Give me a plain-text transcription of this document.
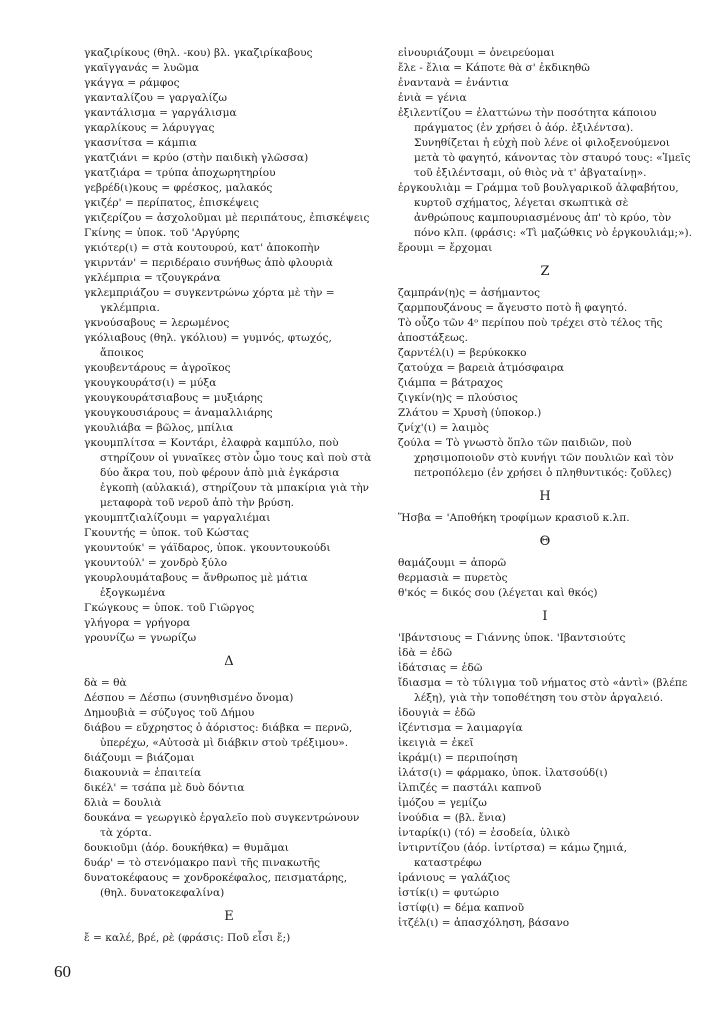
γκαζιρίκους (θηλ. -κου) βλ. γκαζιρίκαβους
γκαϊγγανάς = λυῶμα
γκάγγα = ράμφος
γκανταλίζου = γαργαλίζω
γκαντάλισμα = γαργάλισμα
γκαρλίκους = λάρυγγας
γκασνίτσα = κάμπια
γκατζιάνι = κρύο (στὴν παιδικὴ γλῶσσα)
γκατζιάρα = τρύπα ἀποχωρητηρίου
γεβρέδ(ι)κους = φρέσκος, μαλακός
γκιζέρ' = περίπατος, ἐπισκέψεις
γκιζερίζου = ἀσχολοῦμαι μὲ περιπάτους, ἐπισκέψεις
Γκίνης = ὑποκ. τοῦ 'Αργύρης
γκιότερ(ι) = στὰ κουτουρού, κατ' ἀποκοπὴν
γκιρντάν' = περιδέραιο συνήθως ἀπὸ φλουριὰ
γκλέμπρια = τζουγκράνα
γκλεμπριάζου = συγκεντρώνω χόρτα μὲ τὴν = γκλέμπρια.
γκνούσαβους = λερωμένος
γκόλιαβους (θηλ. γκόλιου) = γυμνός, φτωχός, ἄποικος
γκουβεντάρους = ἀγροῖκος
γκουγκουράτσ(ι) = μύξα
γκουγκουράτσιαβους = μυξιάρης
γκουγκουσιάρους = ἀναμαλλιάρης
γκουλιάβα = βῶλος, μπίλια
γκουμπλίτσα = Κοντάρι, ἐλαφρὰ καμπύλο, ποὺ στηρίζουν οἱ γυναῖκες στὸν ὦμο τους καὶ ποὺ στὰ δύο ἄκρα του, ποὺ φέρουν ἀπὸ μιὰ ἐγκάρσια ἐγκοπὴ (αὐλακιά), στηρίζουν τὰ μπακίρια γιὰ τὴν μεταφορὰ τοῦ νεροῦ ἀπὸ τὴν βρύση.
γκουμπτζιαλίζουμι = γαργαλιέμαι
Γκουντής = ὑποκ. τοῦ Κώστας
γκουντούκ' = γάϊδαρος, ὑποκ. γκουντουκούδι
γκουντούλ' = χονδρὸ ξύλο
γκουρλουμάταβους = ἄνθρωπος μὲ μάτια ἐξογκωμένα
Γκώγκους = ὑποκ. τοῦ Γιῶργος
γλήγορα = γρήγορα
γρουνίζω = γνωρίζω
Δ
δὰ = θὰ
Δέσπου = Δέσπω (συνηθισμένο ὄνομα)
Δημουβιὰ = σύζυγος τοῦ Δήμου
διάβου = εὔχρηστος ὁ ἀόριστος: διάβκα = περνῶ, ὑπερέχω, «Αὐτοσὰ μὶ διάβκιν στοὺ τρέξιμου».
διάζουμι = βιάζομαι
διακουνιὰ = ἐπαιτεία
δικέλ' = τσάπα μὲ δυὸ δόντια
δλιὰ = δουλιὰ
δουκάνα = γεωργικὸ ἐργαλεῖο ποὺ συγκεντρώνουν τὰ χόρτα.
δουκιοῦμι (ἀόρ. δουκήθκα) = θυμᾶμαι
δυάρ' = τὸ στενόμακρο πανὶ τῆς πινακωτῆς
δυνατοκέφαους = χονδροκέφαλος, πεισματάρης, (θηλ. δυνατοκεφαλίνα)
Ε
ἔ = καλέ, βρέ, ρὲ (φράσις: Ποῦ εἶσι ἔ;)
εἰνουριάζουμι = ὀνειρεύομαι
ἔλε - ἔλια = Κάποτε θὰ σ' ἐκδικηθῶ
ἐναντανὰ = ἐνάντια
ἐνιὰ = γένια
ἐξιλεντίζου = ἐλαττώνω τὴν ποσότητα κάποιου πράγματος (ἐν χρήσει ὁ ἀόρ. ἐξιλέντσα). Συνηθίζεται ἡ εὐχὴ ποὺ λένε οἱ φιλοξενούμενοι μετὰ τὸ φαγητό, κάνοντας τὸν σταυρό τους: «Ἱμεῖς τοῦ ἐξιλέντσαμι, οὐ θιὸς νὰ τ' ἀβγαταίνῃ».
ἐργκουλιὰμ = Γράμμα τοῦ βουλγαρικοῦ ἀλφαβήτου, κυρτοῦ σχήματος, λέγεται σκωπτικὰ σὲ ἀνθρώπους καμπουριασμένους ἀπ' τὸ κρύο, τὸν πόνο κλπ. (φράσις: «Τὶ μαζώθκις νὸ ἐργκουλιάμ;»).
ἔρουμι = ἔρχομαι
Ζ
ζαμπράν(η)ς = ἀσήμαντος
ζαρμπουζάνους = ἄγευστο ποτὸ ἢ φαγητό.
Τὸ οὖζο τῶν 4ᵒ περίπου ποὺ τρέχει στὸ τέλος τῆς ἀποστάξεως.
ζαρντέλ(ι) = βερύκοκκο
ζατούχα = βαρειὰ ἀτμόσφαιρα
ζιάμπα = βάτραχος
ζιγκίν(η)ς = πλούσιος
Ζλάτου = Χρυσὴ (ὑποκορ.)
ζνίχ'(ι) = λαιμὸς
ζούλα = Τὸ γνωστὸ ὅπλο τῶν παιδιῶν, ποὺ χρησιμοποιοῦν στὸ κυνήγι τῶν πουλιῶν καὶ τὸν πετροπόλεμο (ἐν χρήσει ὁ πληθυντικός: ζοῦλες)
Η
Ἥσβα = 'Αποθήκη τροφίμων κρασιοῦ κ.λπ.
Θ
θαμάζουμι = ἀπορῶ
θερμασιὰ = πυρετὸς
θ'κός = δικός σου (λέγεται καὶ θκός)
Ι
'Ιβάντσιους = Γιάννης ὑποκ. 'Ιβαντσιούτς
ἰδὰ = ἐδῶ
ἰδάτσιας = ἐδῶ
ἴδιασμα = τὸ τύλιγμα τοῦ νήματος στὸ «ἀντὶ» (βλέπε λέξη), γιὰ τὴν τοποθέτηση του στὸν ἀργαλειό.
ἰδουγιὰ = ἐδῶ
ἰζέντισμα = λαιμαργία
ἰκειγιὰ = ἐκεῖ
ἰκράμ(ι) = περιποίηση
ἰλάτσ(ι) = φάρμακο, ὑποκ. ἰλατσούδ(ι)
ἰλπιζές = παστάλι καπνοῦ
ἰμόζου = γεμίζω
ἰνούδια = (βλ. ἔνια)
ἰνταρίκ(ι) (τό) = ἐσοδεία, ὑλικὸ
ἰντιρντίζου (ἀόρ. ἰντίρτσα) = κάμω ζημιά, καταστρέφω
ἰράνιους = γαλάζιος
ἰστίκ(ι) = φυτώριο
ἰστίφ(ι) = δέμα καπνοῦ
ἰτζέλ(ι) = ἀπασχόληση, βάσανο
60
